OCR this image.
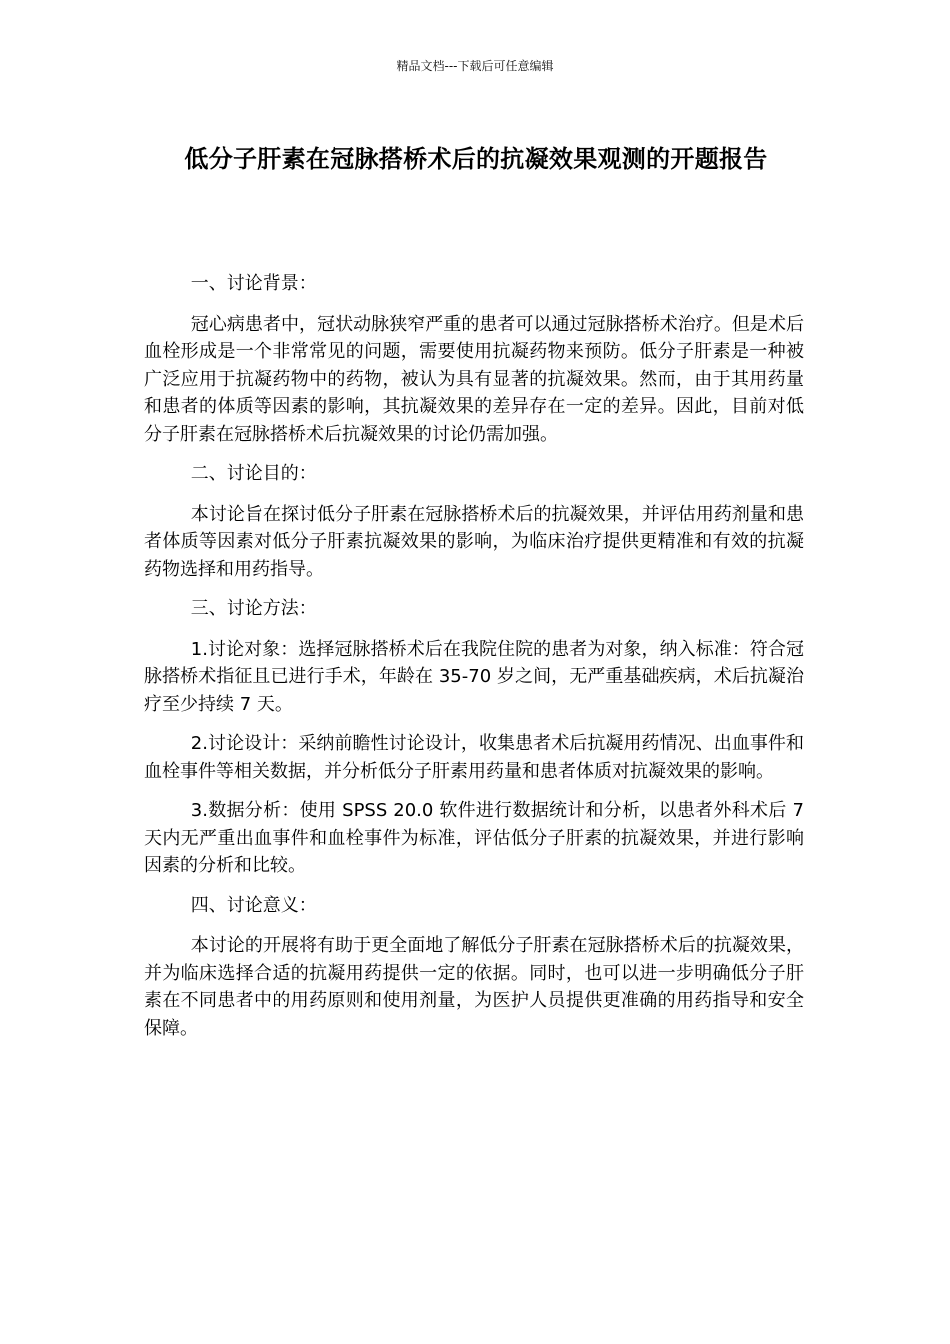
精品文档---下载后可任意编辑
低分子肝素在冠脉搭桥术后的抗凝效果观测的开题报告

一、讨论背景：

冠心病患者中，冠状动脉狭窄严重的患者可以通过冠脉搭桥术治疗。但是术后血栓形成是一个非常常见的问题，需要使用抗凝药物来预防。低分子肝素是一种被广泛应用于抗凝药物中的药物，被认为具有显著的抗凝效果。然而，由于其用药量和患者的体质等因素的影响，其抗凝效果的差异存在一定的差异。因此，目前对低分子肝素在冠脉搭桥术后抗凝效果的讨论仍需加强。

二、讨论目的：

本讨论旨在探讨低分子肝素在冠脉搭桥术后的抗凝效果，并评估用药剂量和患者体质等因素对低分子肝素抗凝效果的影响，为临床治疗提供更精准和有效的抗凝药物选择和用药指导。

三、讨论方法：

1.讨论对象：选择冠脉搭桥术后在我院住院的患者为对象，纳入标准：符合冠脉搭桥术指征且已进行手术，年龄在 35-70 岁之间，无严重基础疾病，术后抗凝治疗至少持续 7 天。

2.讨论设计：采纳前瞻性讨论设计，收集患者术后抗凝用药情况、出血事件和血栓事件等相关数据，并分析低分子肝素用药量和患者体质对抗凝效果的影响。

3.数据分析：使用 SPSS 20.0 软件进行数据统计和分析，以患者外科术后 7 天内无严重出血事件和血栓事件为标准，评估低分子肝素的抗凝效果，并进行影响因素的分析和比较。

四、讨论意义：

本讨论的开展将有助于更全面地了解低分子肝素在冠脉搭桥术后的抗凝效果，并为临床选择合适的抗凝用药提供一定的依据。同时，也可以进一步明确低分子肝素在不同患者中的用药原则和使用剂量，为医护人员提供更准确的用药指导和安全保障。
